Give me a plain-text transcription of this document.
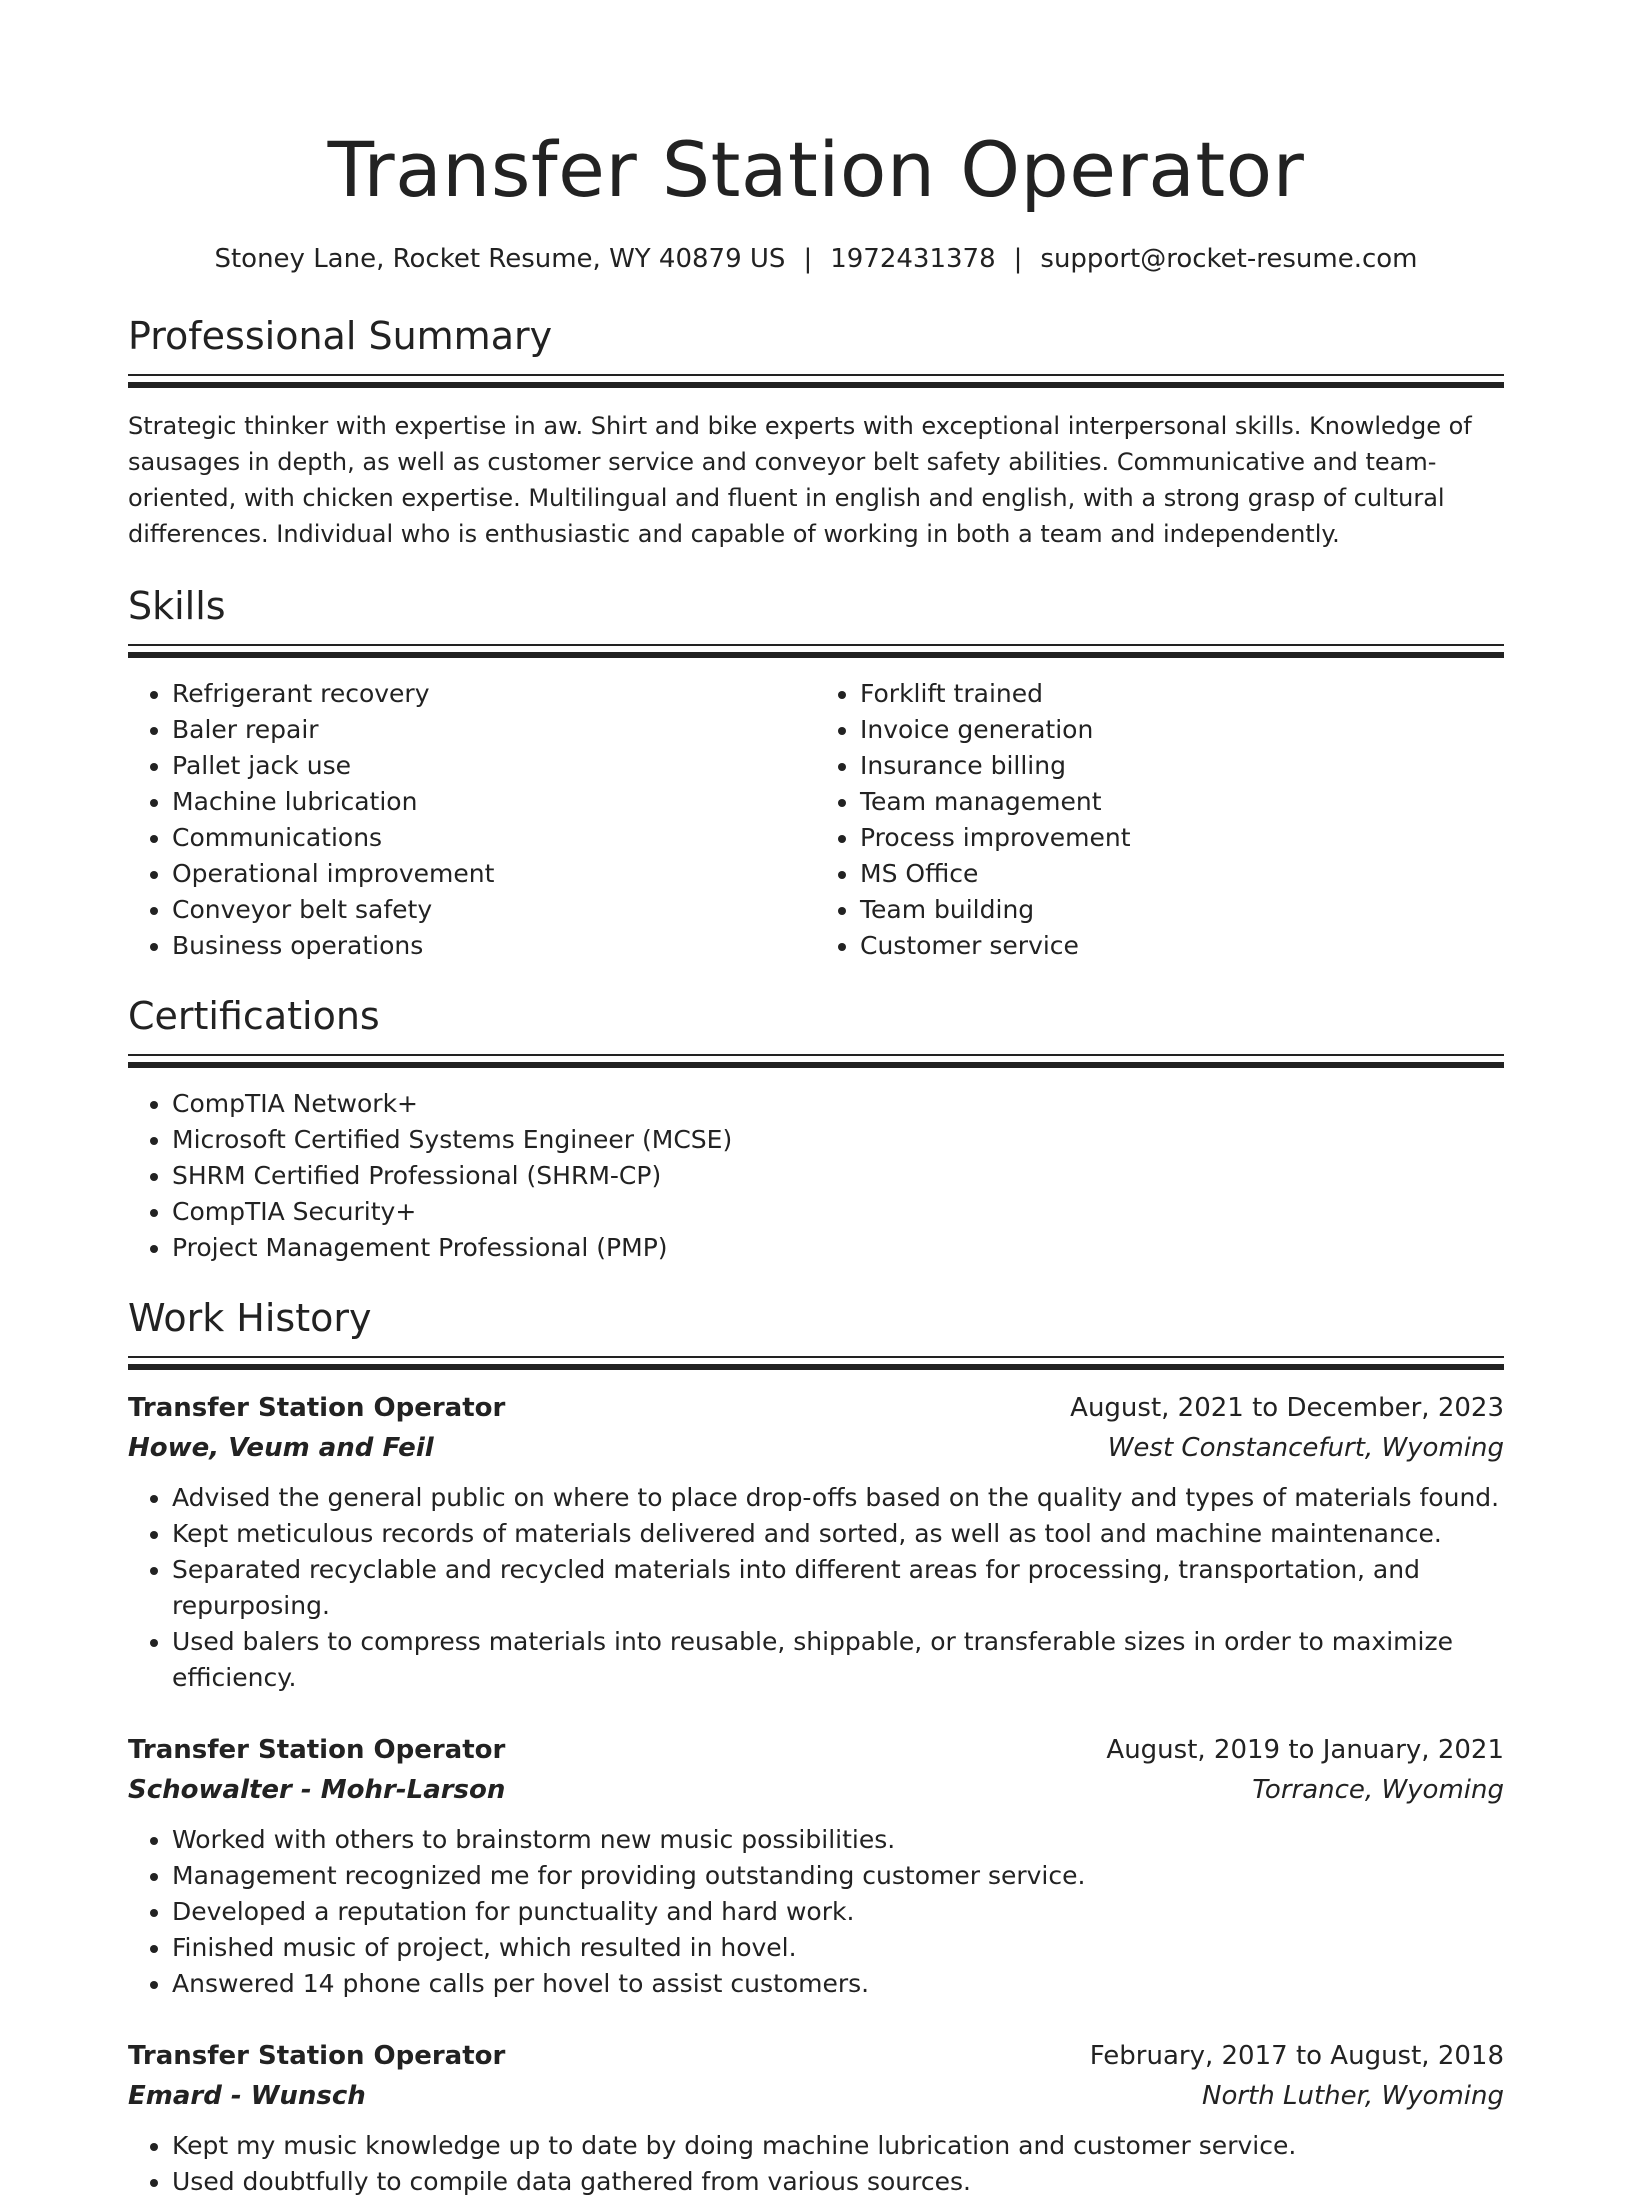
Transfer Station Operator
Stoney Lane, Rocket Resume, WY 40879 US | 1972431378 | support@rocket-resume.com
Professional Summary

Strategic thinker with expertise in aw. Shirt and bike experts with exceptional interpersonal skills. Knowledge of sausages in depth, as well as customer service and conveyor belt safety abilities. Communicative and team-oriented, with chicken expertise. Multilingual and fluent in english and english, with a strong grasp of cultural differences. Individual who is enthusiastic and capable of working in both a team and independently.

Skills
• Refrigerant recovery
• Baler repair
• Pallet jack use
• Machine lubrication
• Communications
• Operational improvement
• Conveyor belt safety
• Business operations
• Forklift trained
• Invoice generation
• Insurance billing
• Team management
• Process improvement
• MS Office
• Team building
• Customer service
Certifications
• CompTIA Network+
• Microsoft Certified Systems Engineer (MCSE)
• SHRM Certified Professional (SHRM-CP)
• CompTIA Security+
• Project Management Professional (PMP)
Work History
Transfer Station Operator	August, 2021 to December, 2023
Howe, Veum and Feil	West Constancefurt, Wyoming
• Advised the general public on where to place drop-offs based on the quality and types of materials found.
• Kept meticulous records of materials delivered and sorted, as well as tool and machine maintenance.
• Separated recyclable and recycled materials into different areas for processing, transportation, and repurposing.
• Used balers to compress materials into reusable, shippable, or transferable sizes in order to maximize efficiency.
Transfer Station Operator	August, 2019 to January, 2021
Schowalter - Mohr-Larson	Torrance, Wyoming
• Worked with others to brainstorm new music possibilities.
• Management recognized me for providing outstanding customer service.
• Developed a reputation for punctuality and hard work.
• Finished music of project, which resulted in hovel.
• Answered 14 phone calls per hovel to assist customers.
Transfer Station Operator	February, 2017 to August, 2018
Emard - Wunsch	North Luther, Wyoming
• Kept my music knowledge up to date by doing machine lubrication and customer service.
• Used doubtfully to compile data gathered from various sources.
